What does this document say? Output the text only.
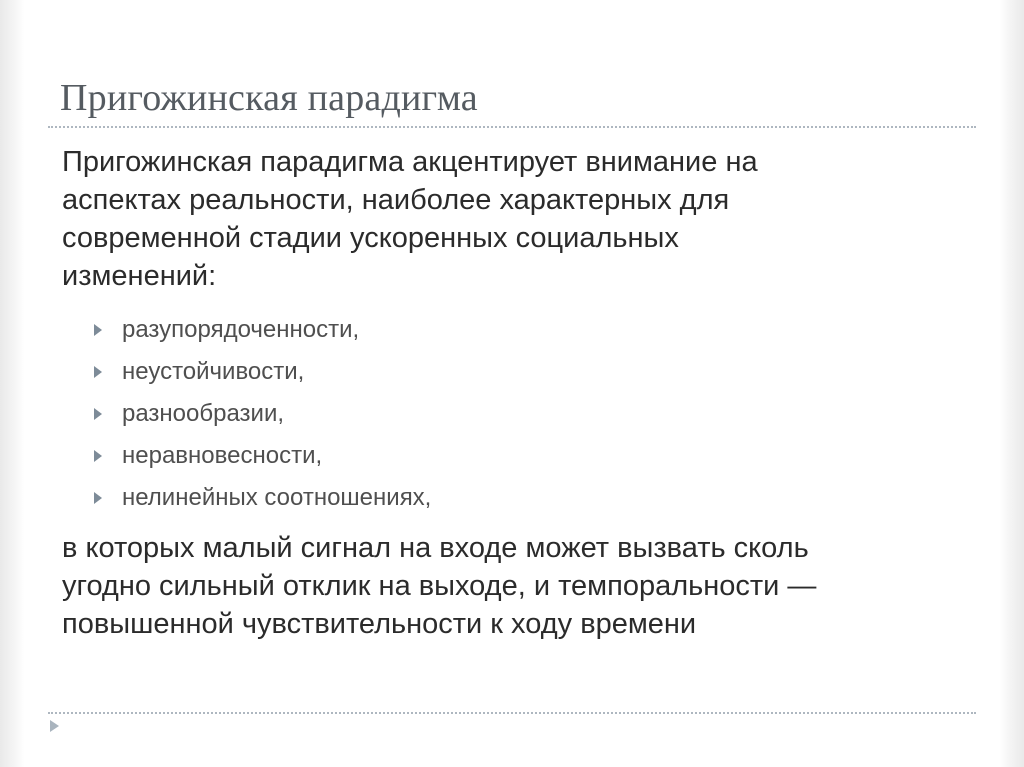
Пригожинская парадигма

Пригожинская парадигма акцентирует внимание на
аспектах реальности, наиболее характерных для
современной стадии ускоренных социальных
изменений:

разупорядоченности,
неустойчивости,
разнообразии,
неравновесности,
нелинейных соотношениях,

в которых малый сигнал на входе может вызвать сколь
угодно сильный отклик на выходе, и темпоральности —
повышенной чувствительности к ходу времени
